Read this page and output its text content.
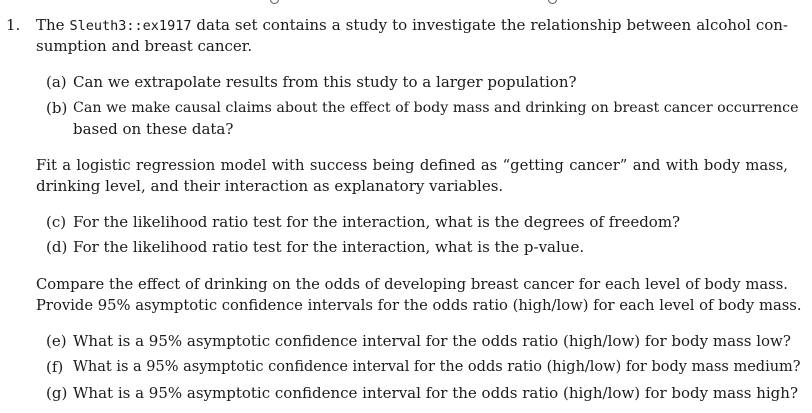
1. The Sleuth3::ex1917 data set contains a study to investigate the relationship between alcohol con-
sumption and breast cancer.
(a) Can we extrapolate results from this study to a larger population?
(b) Can we make causal claims about the effect of body mass and drinking on breast cancer occurrence
based on these data?
Fit a logistic regression model with success being defined as “getting cancer” and with body mass,
drinking level, and their interaction as explanatory variables.
(c) For the likelihood ratio test for the interaction, what is the degrees of freedom?
(d) For the likelihood ratio test for the interaction, what is the p-value.
Compare the effect of drinking on the odds of developing breast cancer for each level of body mass.
Provide 95% asymptotic confidence intervals for the odds ratio (high/low) for each level of body mass.
(e) What is a 95% asymptotic confidence interval for the odds ratio (high/low) for body mass low?
(f) What is a 95% asymptotic confidence interval for the odds ratio (high/low) for body mass medium?
(g) What is a 95% asymptotic confidence interval for the odds ratio (high/low) for body mass high?
